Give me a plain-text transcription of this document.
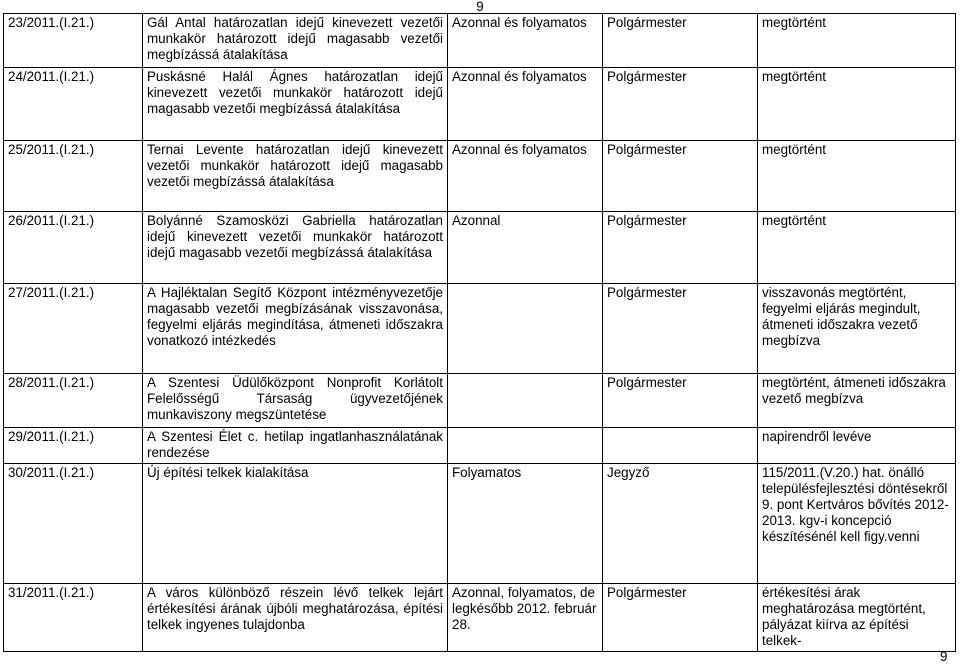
9
23/2011.(I.21.)	Gál Antal határozatlan idejű kinevezett vezetői munkakör határozott idejű magasabb vezetői megbízássá átalakítása	Azonnal és folyamatos	Polgármester	megtörtént
24/2011.(I.21.)	Puskásné Halál Ágnes határozatlan idejű kinevezett vezetői munkakör határozott idejű magasabb vezetői megbízássá átalakítása	Azonnal és folyamatos	Polgármester	megtörtént
25/2011.(I.21.)	Ternai Levente határozatlan idejű kinevezett vezetői munkakör határozott idejű magasabb vezetői megbízássá átalakítása	Azonnal és folyamatos	Polgármester	megtörtént
26/2011.(I.21.)	Bolyánné Szamosközi Gabriella határozatlan idejű kinevezett vezetői munkakör határozott idejű magasabb vezetői megbízássá átalakítása	Azonnal	Polgármester	megtörtént
27/2011.(I.21.)	A Hajléktalan Segítő Központ intézményvezetője magasabb vezetői megbízásának visszavonása, fegyelmi eljárás megindítása, átmeneti időszakra vonatkozó intézkedés		Polgármester	visszavonás megtörtént, fegyelmi eljárás megindult, átmeneti időszakra vezető megbízva
28/2011.(I.21.)	A Szentesi Üdülőközpont Nonprofit Korlátolt Felelősségű Társaság ügyvezetőjének munkaviszony megszüntetése		Polgármester	megtörtént, átmeneti időszakra vezető megbízva
29/2011.(I.21.)	A Szentesi Élet c. hetilap ingatlanhasználatának rendezése			napirendről levéve
30/2011.(I.21.)	Új építési telkek kialakítása	Folyamatos	Jegyző	115/2011.(V.20.) hat. önálló településfejlesztési döntésekről 9. pont Kertváros bővítés 2012-2013. kgv-i koncepció készítésénél kell figy.venni
31/2011.(I.21.)	A város különböző részein lévő telkek lejárt értékesítési árának újbóli meghatározása, építési telkek ingyenes tulajdonba	Azonnal, folyamatos, de legkésőbb 2012. február 28.	Polgármester	értékesítési árak meghatározása megtörtént, pályázat kiírva az építési telkek-
9
